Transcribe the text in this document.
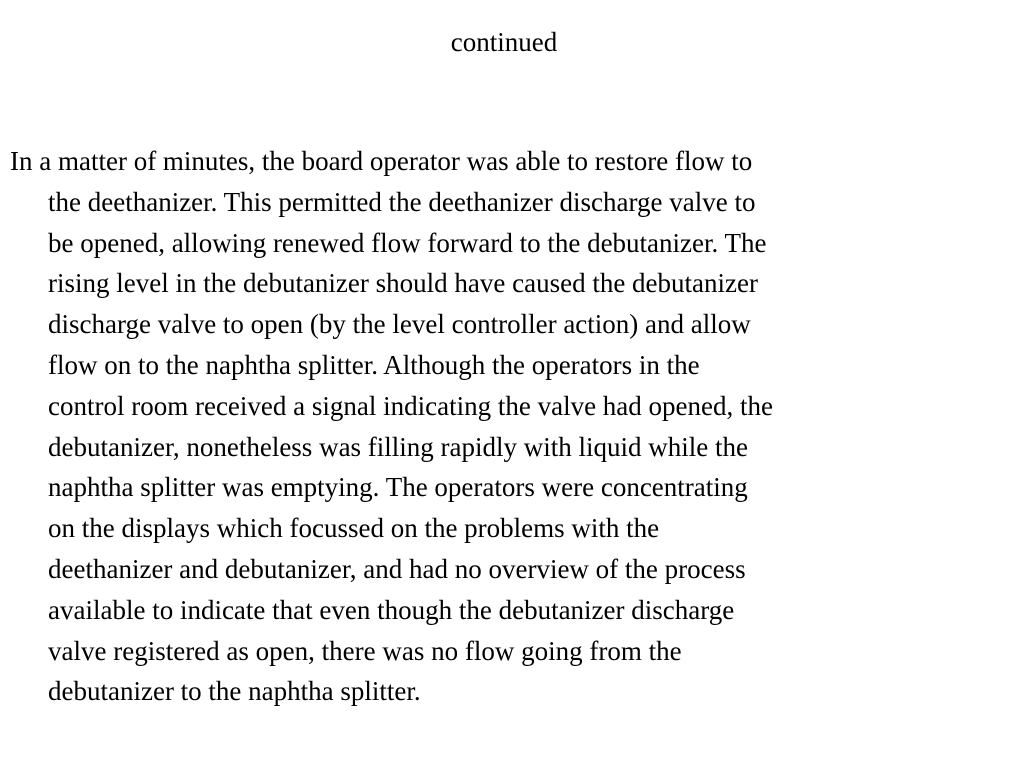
continued

In a matter of minutes, the board operator was able to restore flow to
the deethanizer. This permitted the deethanizer discharge valve to
be opened, allowing renewed flow forward to the debutanizer. The
rising level in the debutanizer should have caused the debutanizer
discharge valve to open (by the level controller action) and allow
flow on to the naphtha splitter. Although the operators in the
control room received a signal indicating the valve had opened, the
debutanizer, nonetheless was filling rapidly with liquid while the
naphtha splitter was emptying. The operators were concentrating
on the displays which focussed on the problems with the
deethanizer and debutanizer, and had no overview of the process
available to indicate that even though the debutanizer discharge
valve registered as open, there was no flow going from the
debutanizer to the naphtha splitter.
